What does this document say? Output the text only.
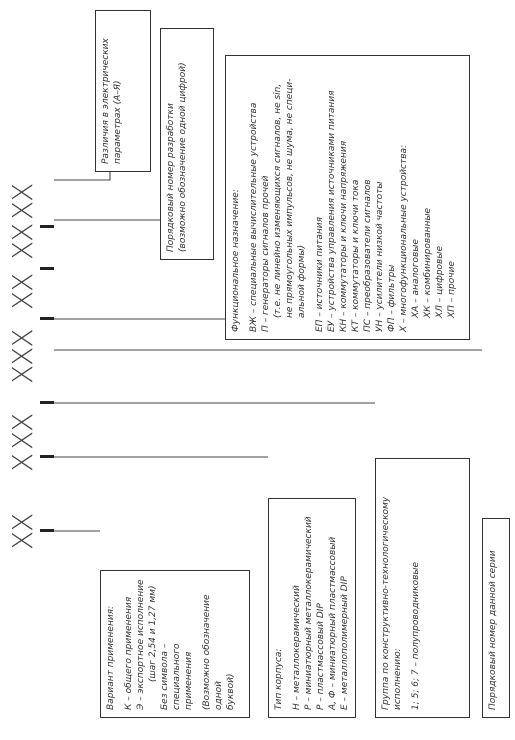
XX
X
XX
XXX
XX
XX
XX

Вариант применения: К – общего применения Э – экспортное исполнение (шаг 2,54 и 1,27 мм) Без символа – специального применения (Возможно обозначение одной буквой)	Тип корпуса: Н – металлокерамический Р – миниатюрный металлокерамический Р – пластмассовый DIP А, Ф – миниатюрный пластмассовый Е – металлополимерный DIP	Группа по конструктивно-технологическому исполнению: 1; 5; 6; 7 – полупроводниковые	Порядковый номер данной серии

Функциональное назначение: ВЖ – специальные вычислительные устройства П – генераторы сигналов прочей (т.е. не линейно изменяющихся сигналов, не sin, не прямоугольных импульсов, не шума, не специ- альной формы) ЕП – источники питания ЕУ – устройства управления источниками питания КН – коммутаторы и ключи напряжения КТ – коммутаторы и ключи тока ПС – преобразователи сигналов УН – усилители низкой частоты ФП – фильтры Х – многофункциональные устройства: ХА – аналоговые ХК – комбинированные ХЛ – цифровые ХП – прочие

Порядковый номер разработки (возможно обозначение одной цифрой)

Различия в электрических параметрах (А–Я)
